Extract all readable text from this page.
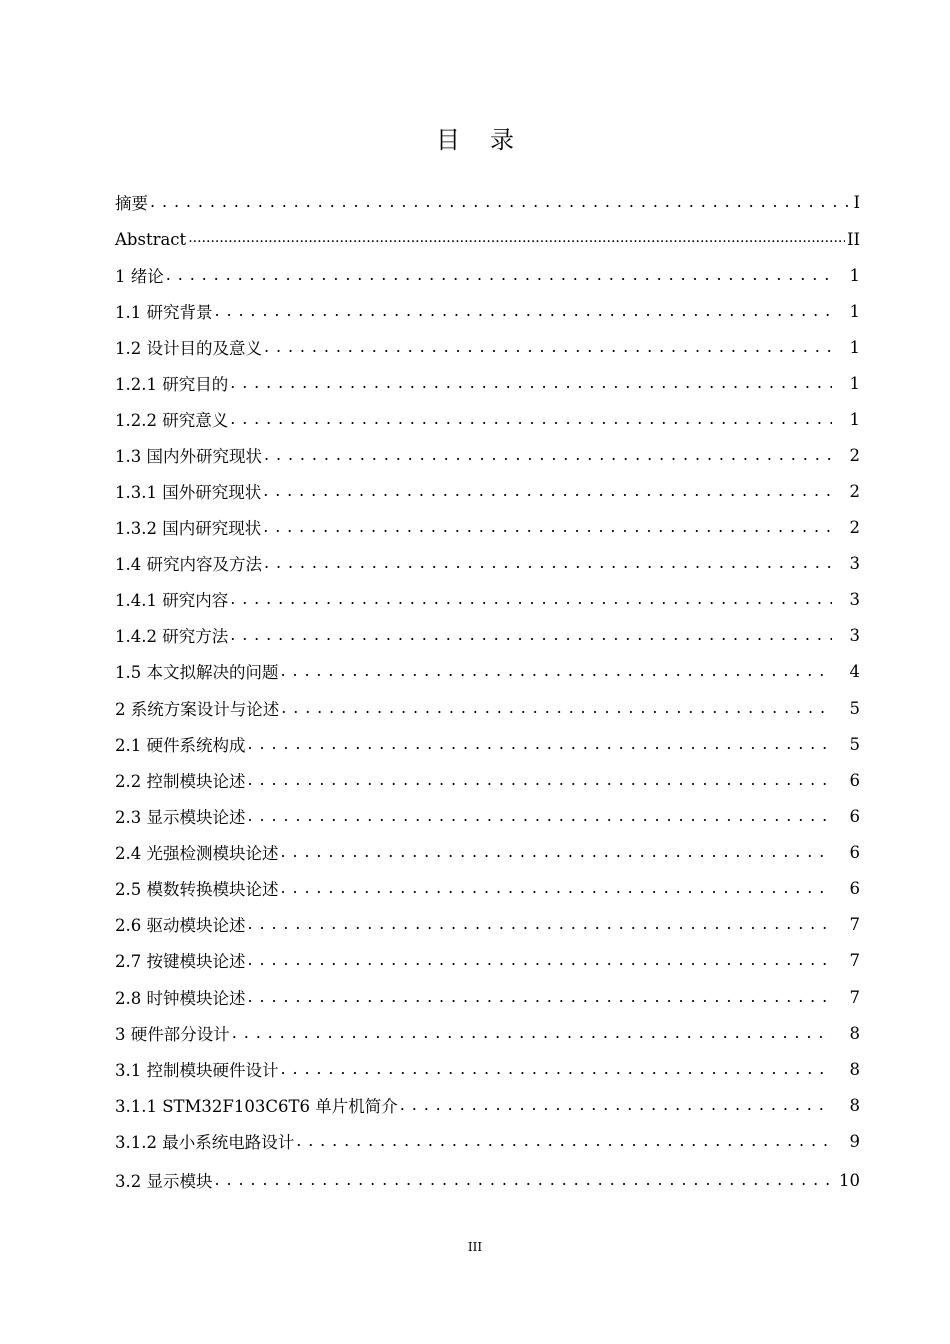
目 录
摘要 . . .	I
Abstract .....	II
1 绪论 . . .	1
1.1 研究背景 . . .	1
1.2 设计目的及意义 . . .	1
1.2.1 研究目的 . . .	1
1.2.2 研究意义 . . .	1
1.3 国内外研究现状 . . .	2
1.3.1 国外研究现状 . . .	2
1.3.2 国内研究现状 . . .	2
1.4 研究内容及方法 . . .	3
1.4.1 研究内容 . . .	3
1.4.2 研究方法 . . .	3
1.5 本文拟解决的问题 . . .	4
2 系统方案设计与论述 . . .	5
2.1 硬件系统构成 . . .	5
2.2 控制模块论述 . . .	6
2.3 显示模块论述 . . .	6
2.4 光强检测模块论述 . . .	6
2.5 模数转换模块论述 . . .	6
2.6 驱动模块论述 . . .	7
2.7 按键模块论述 . . .	7
2.8 时钟模块论述 . . .	7
3 硬件部分设计 . . .	8
3.1 控制模块硬件设计 . . .	8
3.1.1 STM32F103C6T6 单片机简介 . . .	8
3.1.2 最小系统电路设计 . . .	9
3.2 显示模块 . . .	10
III
